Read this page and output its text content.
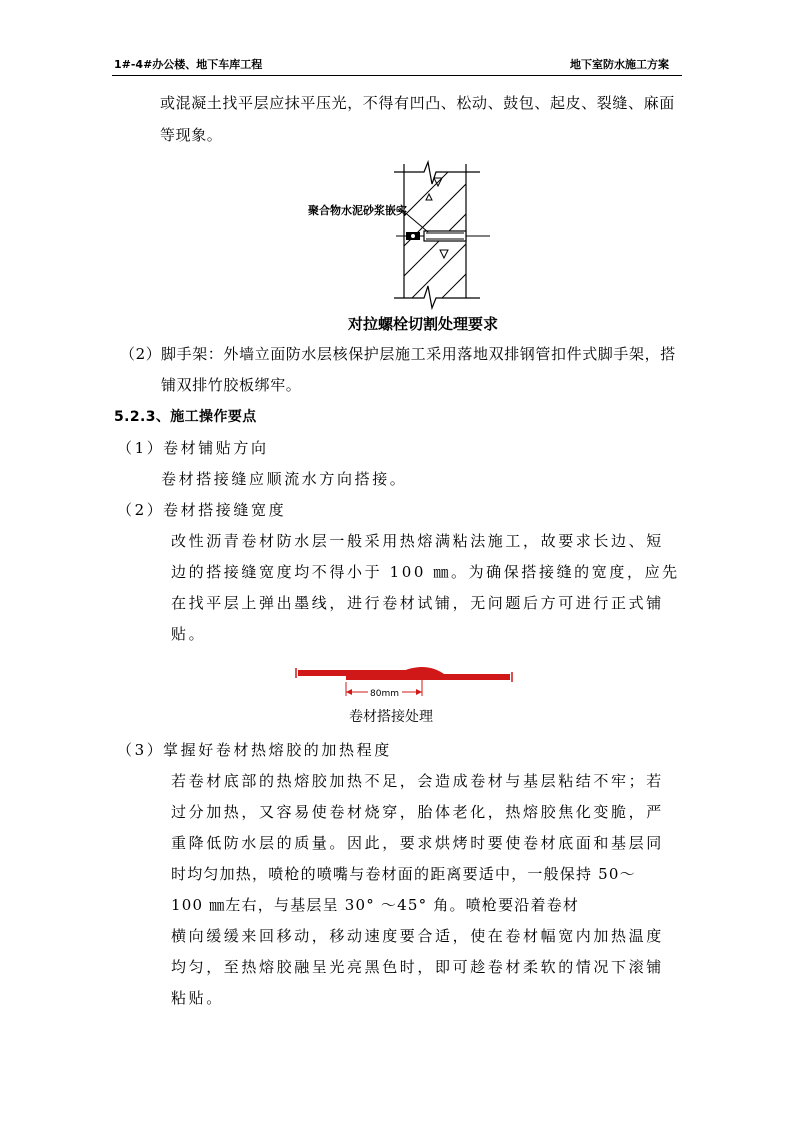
1#-4#办公楼、地下车库工程	地下室防水施工方案
或混凝土找平层应抹平压光，不得有凹凸、松动、鼓包、起皮、裂缝、麻面
等现象。
聚合物水泥砂浆嵌实
对拉螺栓切割处理要求
（2） 脚手架：外墙立面防水层核保护层施工采用落地双排钢管扣件式脚手架，搭
铺双排竹胶板绑牢。
5.2.3、施工操作要点
（1）
卷材铺贴方向
卷材搭接缝应顺流水方向搭接。
（2）
卷材搭接缝宽度
改性沥青卷材防水层一般采用热熔满粘法施工，故要求长边、短
边的搭接缝宽度均不得小于 100 ㎜。为确保搭接缝的宽度，应先
在找平层上弹出墨线，进行卷材试铺，无问题后方可进行正式铺
贴。
80mm
卷材搭接处理
（3）
掌握好卷材热熔胶的加热程度
若卷材底部的热熔胶加热不足，会造成卷材与基层粘结不牢；若
过分加热，又容易使卷材烧穿，胎体老化，热熔胶焦化变脆，严
重降低防水层的质量。因此，要求烘烤时要使卷材底面和基层同
时均匀加热，喷枪的喷嘴与卷材面的距离要适中，一般保持 50～
100 ㎜左右，与基层呈 30° ～45° 角。喷枪要沿着卷材
横向缓缓来回移动，移动速度要合适，使在卷材幅宽内加热温度
均匀，至热熔胶融呈光亮黑色时，即可趁卷材柔软的情况下滚铺
粘贴。
